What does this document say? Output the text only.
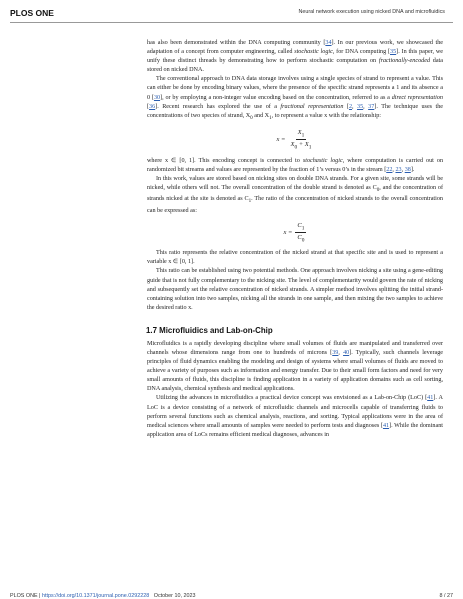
PLOS ONE	Neural network execution using nicked DNA and microfluidics

has also been demonstrated within the DNA computing community [34]. In our previous work, we showcased the adaptation of a concept from computer engineering, called stochastic logic, for DNA computing [35]. In this paper, we unify these distinct threads by demonstrating how to perform stochastic computation on fractionally-encoded data stored on nicked DNA.

The conventional approach to DNA data storage involves using a single species of strand to represent a value. This can either be done by encoding binary values, where the presence of the specific strand represents a 1 and its absence a 0 [30], or by employing a non-integer value encoding based on the concentration, referred to as a direct representation [36]. Recent research has explored the use of a fractional representation [2, 35, 37]. The technique uses the concentrations of two species of strand, $X_0$ and $X_1$, to represent a value x with the relationship:

$x = \frac{X_1}{X_0 + X_1}$

where x ∈ [0, 1]. This encoding concept is connected to stochastic logic, where computation is carried out on randomized bit streams and values are represented by the fraction of 1’s versus 0’s in the stream [22, 23, 38].

In this work, values are stored based on nicking sites on double DNA strands. For a given site, some strands will be nicked, while others will not. The overall concentration of the double strand is denoted as $C_0$, and the concentration of strands nicked at the site is denoted as $C_1$. The ratio of the concentration of nicked strands to the overall concentration can be expressed as:

$x = \frac{C_1}{C_0}$

This ratio represents the relative concentration of the nicked strand at that specific site and is used to represent a variable x ∈ [0, 1].

This ratio can be established using two potential methods. One approach involves nicking a site using a gene-editing guide that is not fully complementary to the nicking site. The level of complementarity would govern the rate of nicking and subsequently set the relative concentration of nicked strands. A simpler method involves splitting the initial strand-containing solution into two samples, nicking all the strands in one sample, and then mixing the two samples to achieve the desired ratio x.

1.7 Microfluidics and Lab-on-Chip

Microfluidics is a rapidly developing discipline where small volumes of fluids are manipulated and transferred over channels whose dimensions range from one to hundreds of microns [39, 40]. Typically, such channels leverage principles of fluid dynamics enabling the modeling and design of systems where small volumes of fluids are moved to achieve a variety of purposes such as information and energy transfer. Due to their small form factors and need for very small amounts of fluids, this discipline is finding application in a variety of application domains such as cell sorting, DNA analysis, chemical synthesis and medical applications.

Utilizing the advances in microfluidics a practical device concept was envisioned as a Lab-on-Chip (LoC) [41]. A LoC is a device consisting of a network of microfluidic channels and microcells capable of transferring fluids to perform several functions such as chemical analysis, reactions, and sorting. Typical applications were in the area of medical sciences where small amounts of samples were needed to perform tests and diagnoses [41]. While the dominant application area of LoCs remains efficient medical diagnoses, advances in

PLOS ONE | https://doi.org/10.1371/journal.pone.0292228 October 10, 2023	8 / 27
